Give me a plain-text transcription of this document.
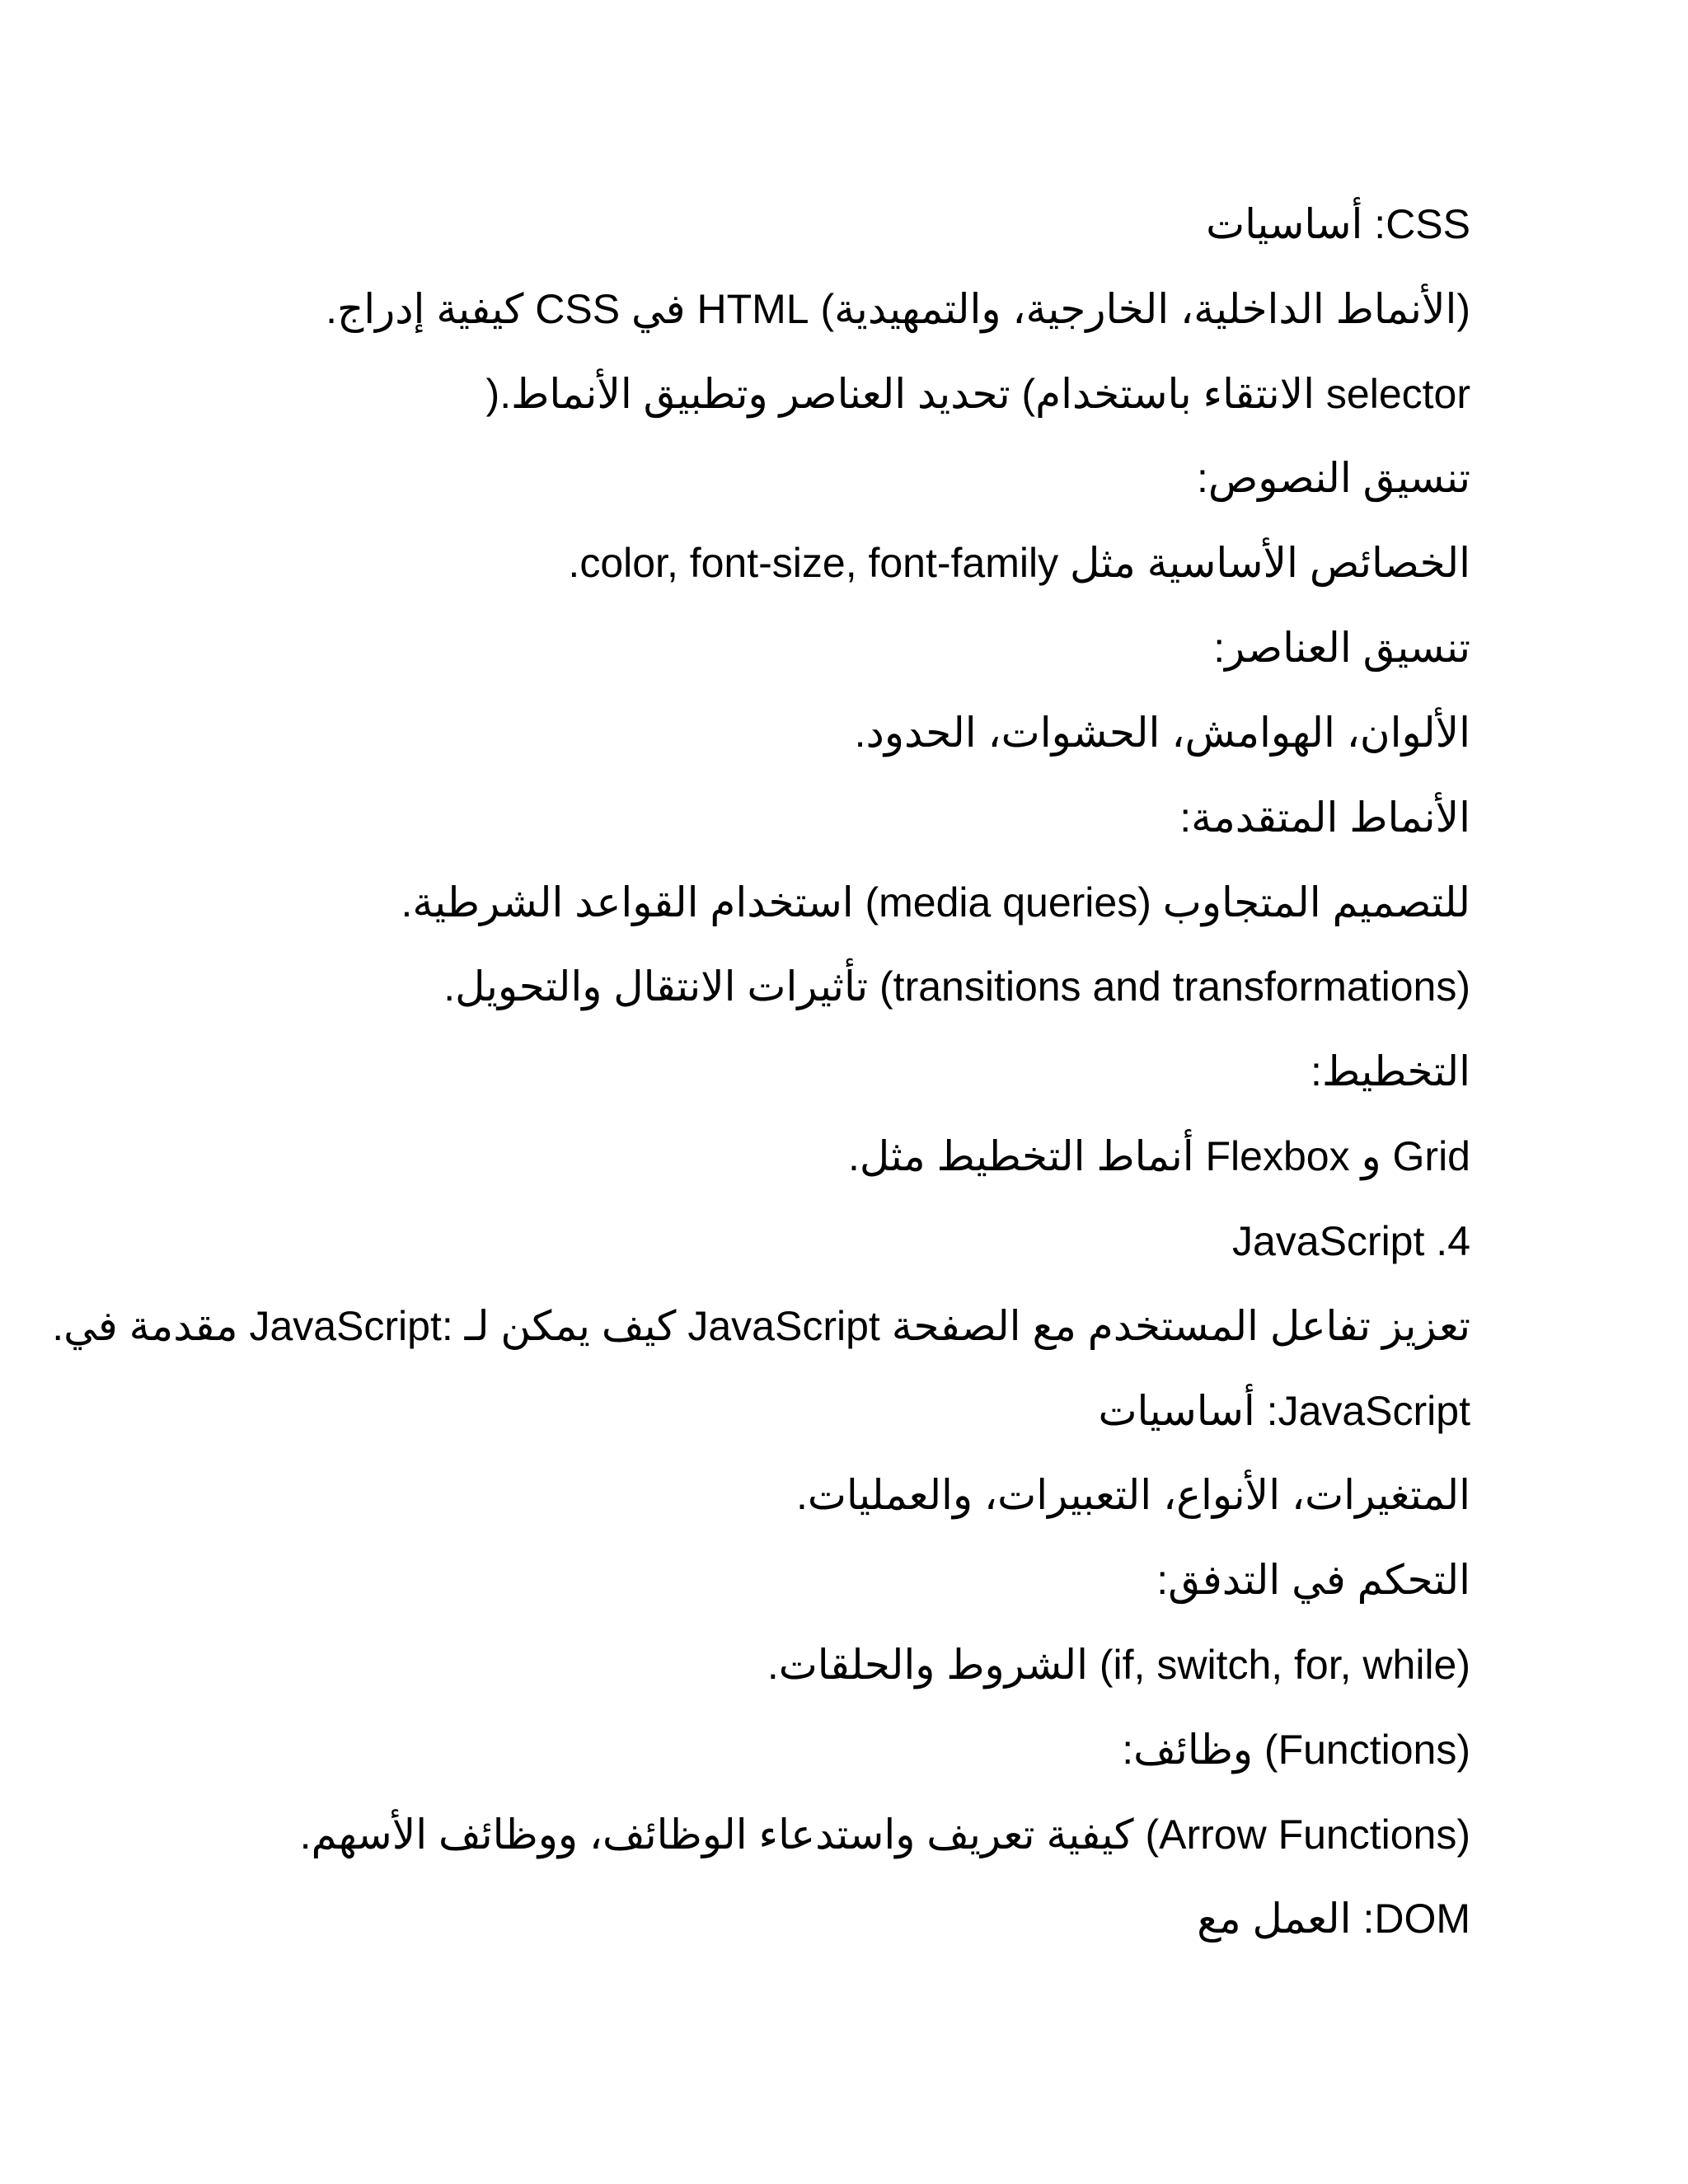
CSS: أساسيات
(الأنماط الداخلية، الخارجية، والتمهيدية) HTML في CSS كيفية إدراج.
selector الانتقاء باستخدام) تحديد العناصر وتطبيق الأنماط.(
تنسيق النصوص:
الخصائص الأساسية مثل color, font-size, font-family.
تنسيق العناصر:
الألوان، الهوامش، الحشوات، الحدود.
الأنماط المتقدمة:
للتصميم المتجاوب (media queries) استخدام القواعد الشرطية.
(transitions and transformations) تأثيرات الانتقال والتحويل.
التخطيط:
Grid و Flexbox أنماط التخطيط مثل.
4. JavaScript
تعزيز تفاعل المستخدم مع الصفحة JavaScript كيف يمكن لـ :JavaScript مقدمة في.
JavaScript: أساسيات
المتغيرات، الأنواع، التعبيرات، والعمليات.
التحكم في التدفق:
(if, switch, for, while) الشروط والحلقات.
(Functions) وظائف:
(Arrow Functions) كيفية تعريف واستدعاء الوظائف، ووظائف الأسهم.
DOM: العمل مع
